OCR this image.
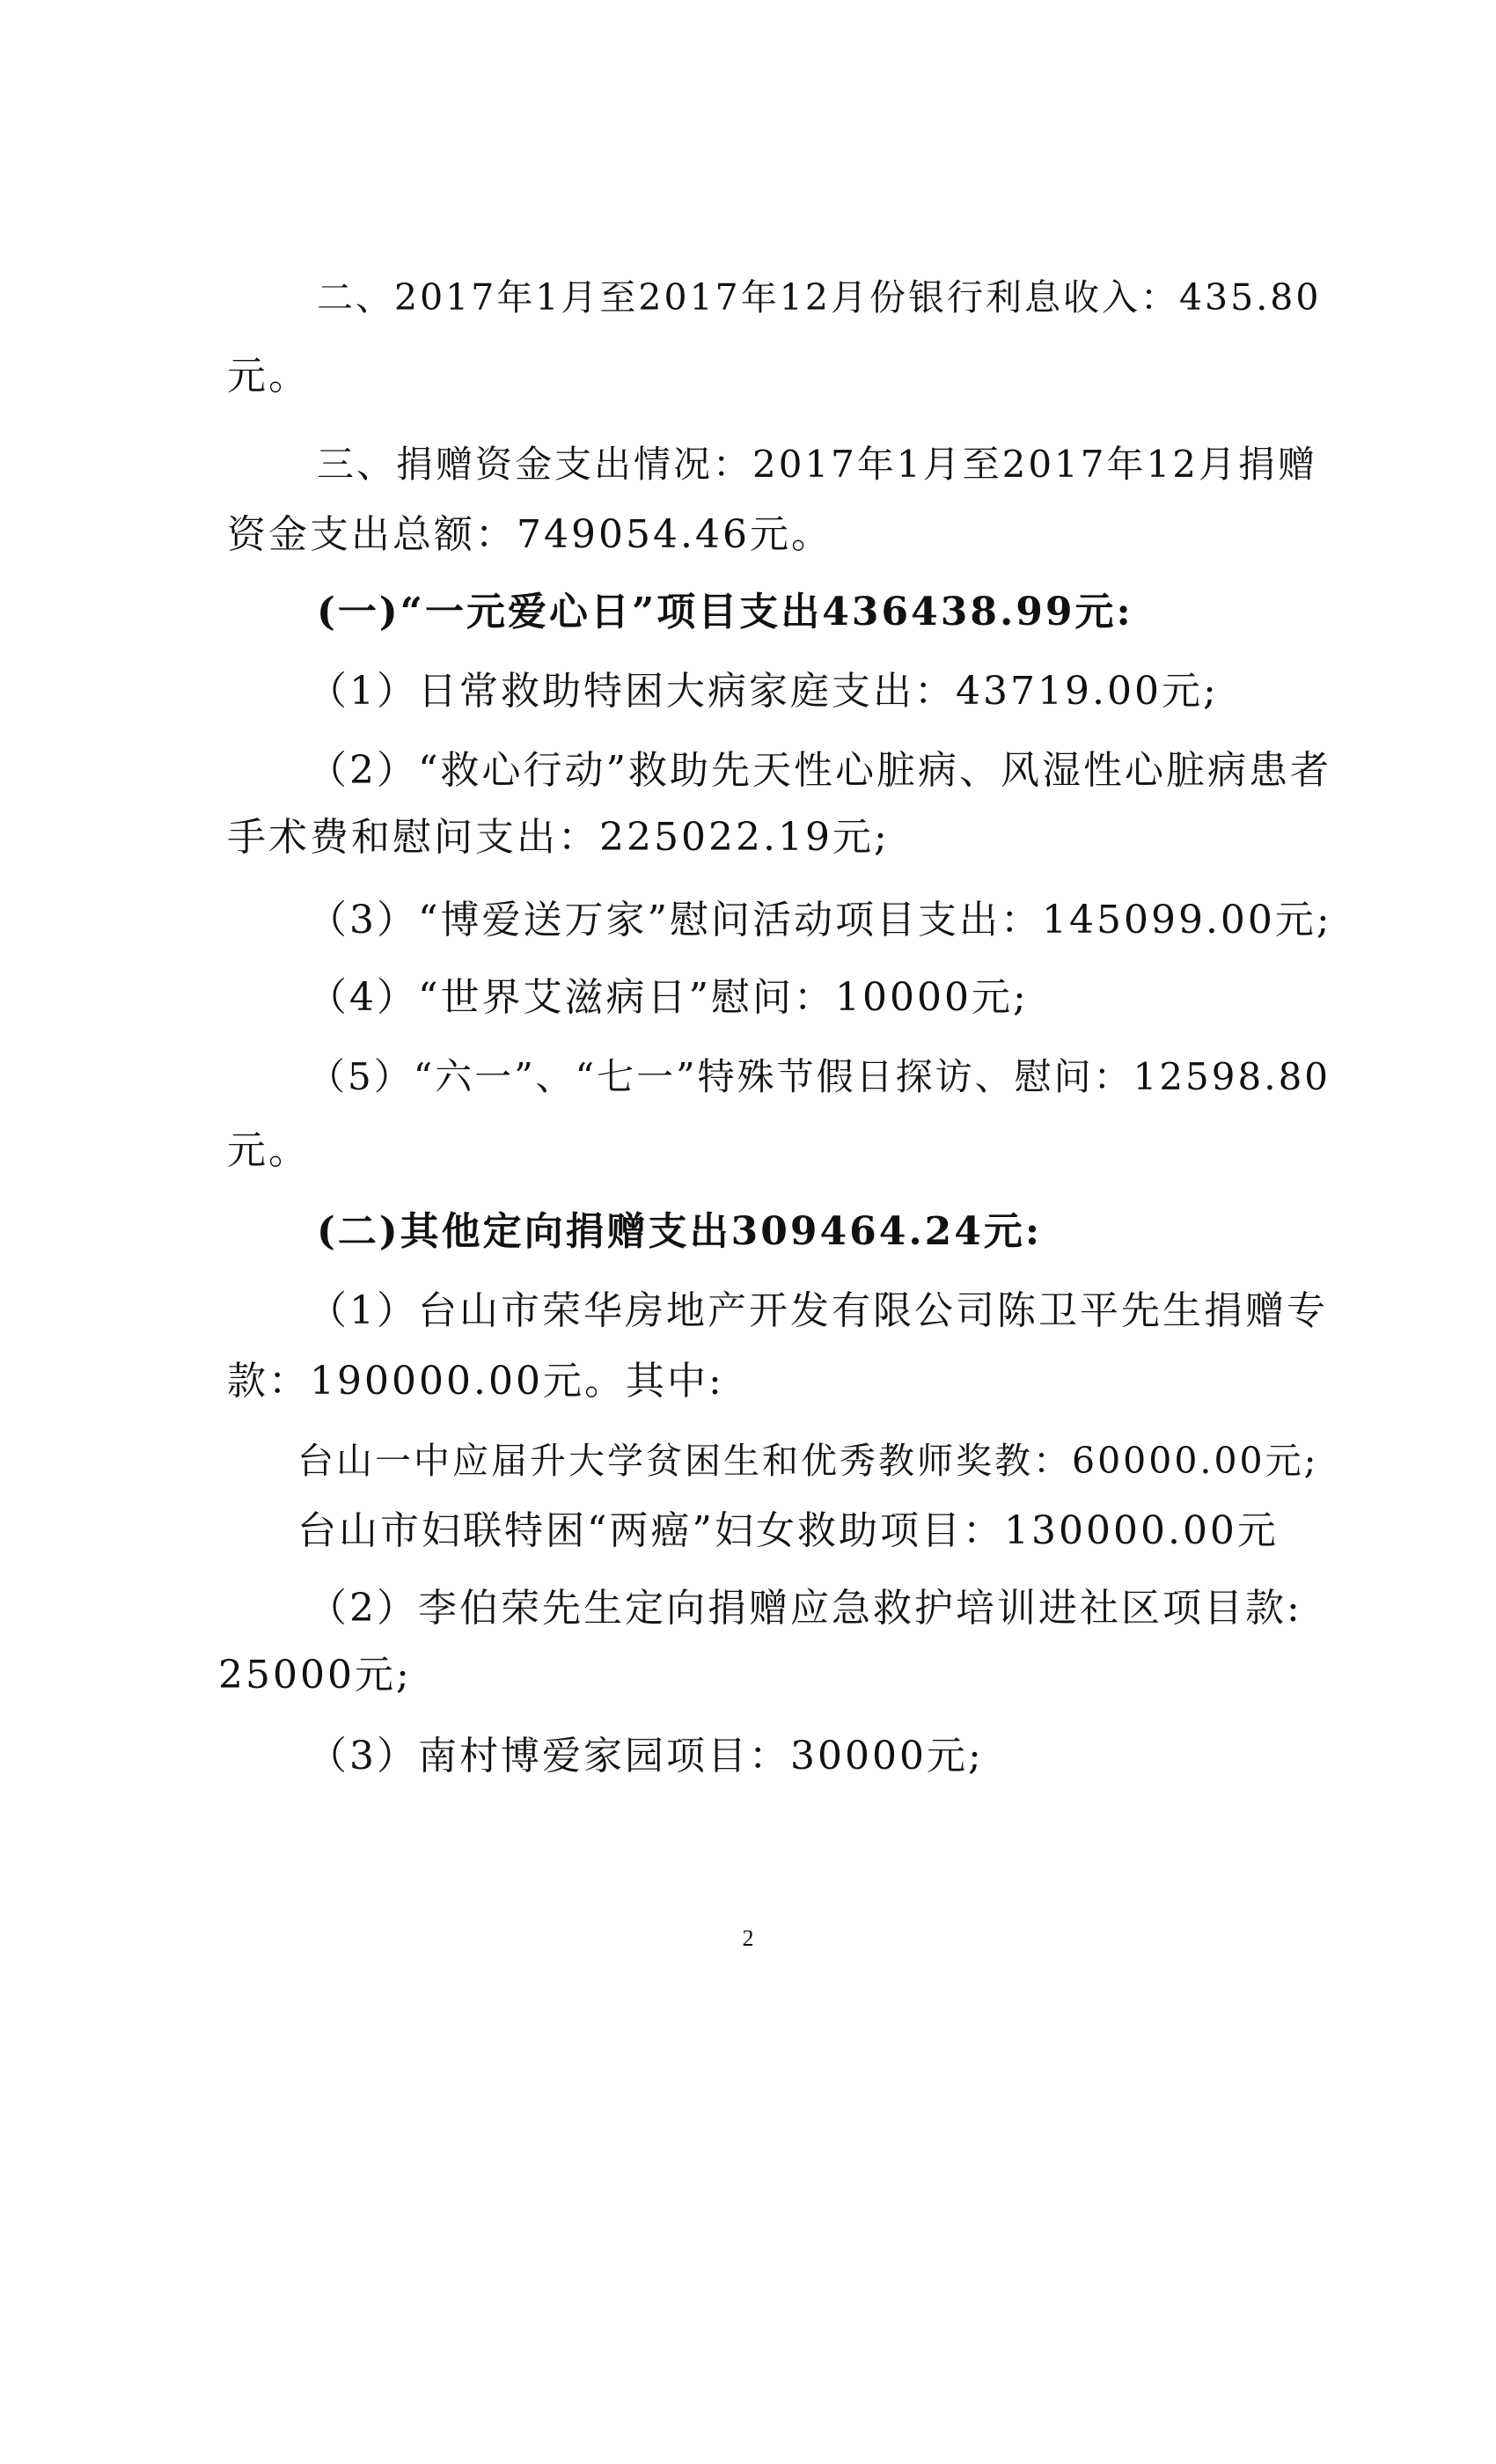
二、2017年1月至2017年12月份银行利息收入：435.80
元。
三、捐赠资金支出情况：2017年1月至2017年12月捐赠
资金支出总额：749054.46元。
(一)“一元爱心日”项目支出436438.99元:
（1）日常救助特困大病家庭支出：43719.00元;
（2）“救心行动”救助先天性心脏病、风湿性心脏病患者
手术费和慰问支出：225022.19元;
（3）“博爱送万家”慰问活动项目支出：145099.00元;
（4）“世界艾滋病日”慰问：10000元;
（5）“六一”、“七一”特殊节假日探访、慰问：12598.80
元。
(二)其他定向捐赠支出309464.24元:
（1）台山市荣华房地产开发有限公司陈卫平先生捐赠专
款：190000.00元。其中:
台山一中应届升大学贫困生和优秀教师奖教：60000.00元;
台山市妇联特困“两癌”妇女救助项目：130000.00元
（2）李伯荣先生定向捐赠应急救护培训进社区项目款:
25000元;
（3）南村博爱家园项目：30000元;
2
